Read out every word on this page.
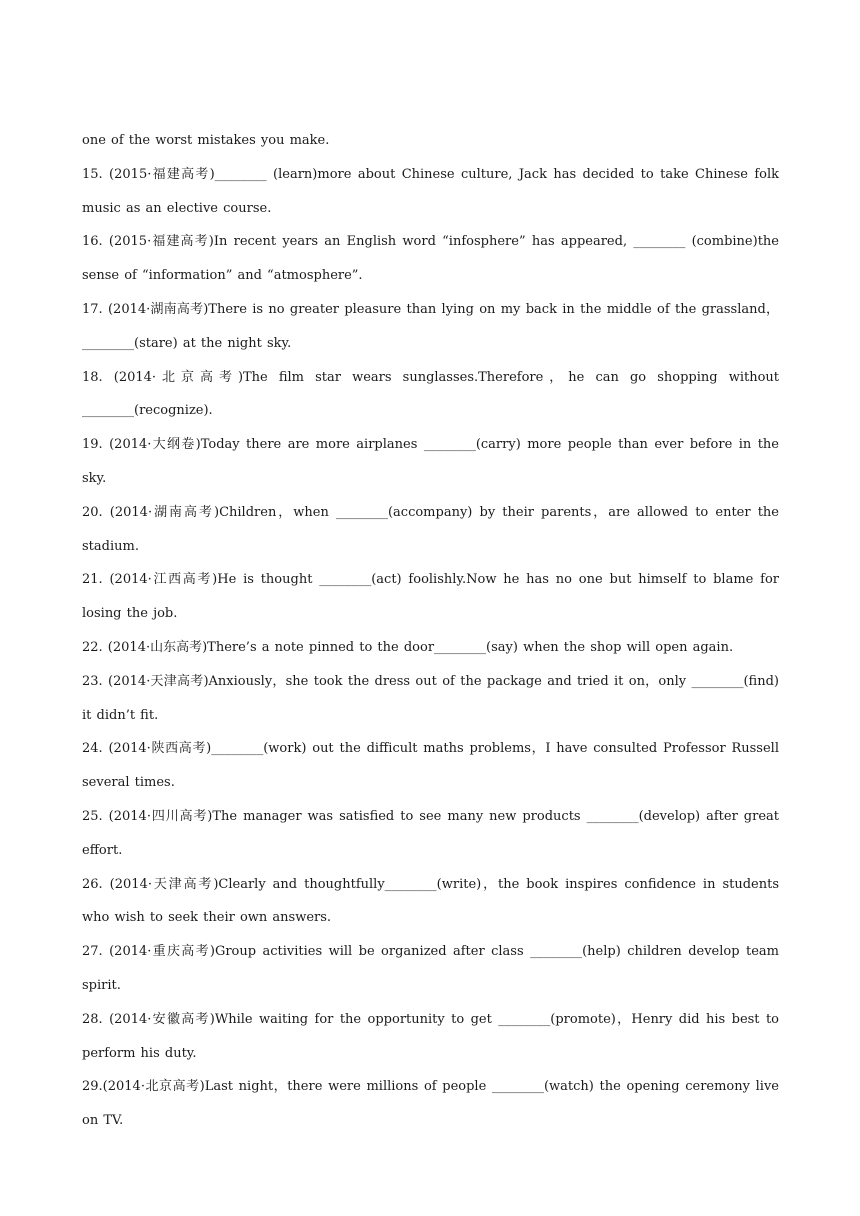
one of the worst mistakes you make.

15. (2015·福建高考)________ (learn)more about Chinese culture, Jack has decided to take Chinese folk music as an elective course.

16. (2015·福建高考)In recent years an English word “infosphere” has appeared, ________ (combine)the sense of “information” and “atmosphere”.

17. (2014·湖南高考)There is no greater pleasure than lying on my back in the middle of the grassland，________(stare) at the night sky.

18. (2014·北京高考)The film star wears sunglasses.Therefore，he can go shopping without ________(recognize).

19. (2014·大纲卷)Today there are more airplanes ________(carry) more people than ever before in the sky.

20. (2014·湖南高考)Children，when ________(accompany) by their parents，are allowed to enter the stadium.

21. (2014·江西高考)He is thought ________(act) foolishly.Now he has no one but himself to blame for losing the job.

22. (2014·山东高考)There’s a note pinned to the door________(say) when the shop will open again.

23. (2014·天津高考)Anxiously，she took the dress out of the package and tried it on，only ________(find) it didn’t fit.

24. (2014·陕西高考)________(work) out the difficult maths problems，I have consulted Professor Russell several times.

25. (2014·四川高考)The manager was satisfied to see many new products ________(develop) after great effort.

26. (2014·天津高考)Clearly and thoughtfully________(write)，the book inspires confidence in students who wish to seek their own answers.

27. (2014·重庆高考)Group activities will be organized after class ________(help) children develop team spirit.

28. (2014·安徽高考)While waiting for the opportunity to get ________(promote)，Henry did his best to perform his duty.

29.(2014·北京高考)Last night，there were millions of people ________(watch) the opening ceremony live on TV.
